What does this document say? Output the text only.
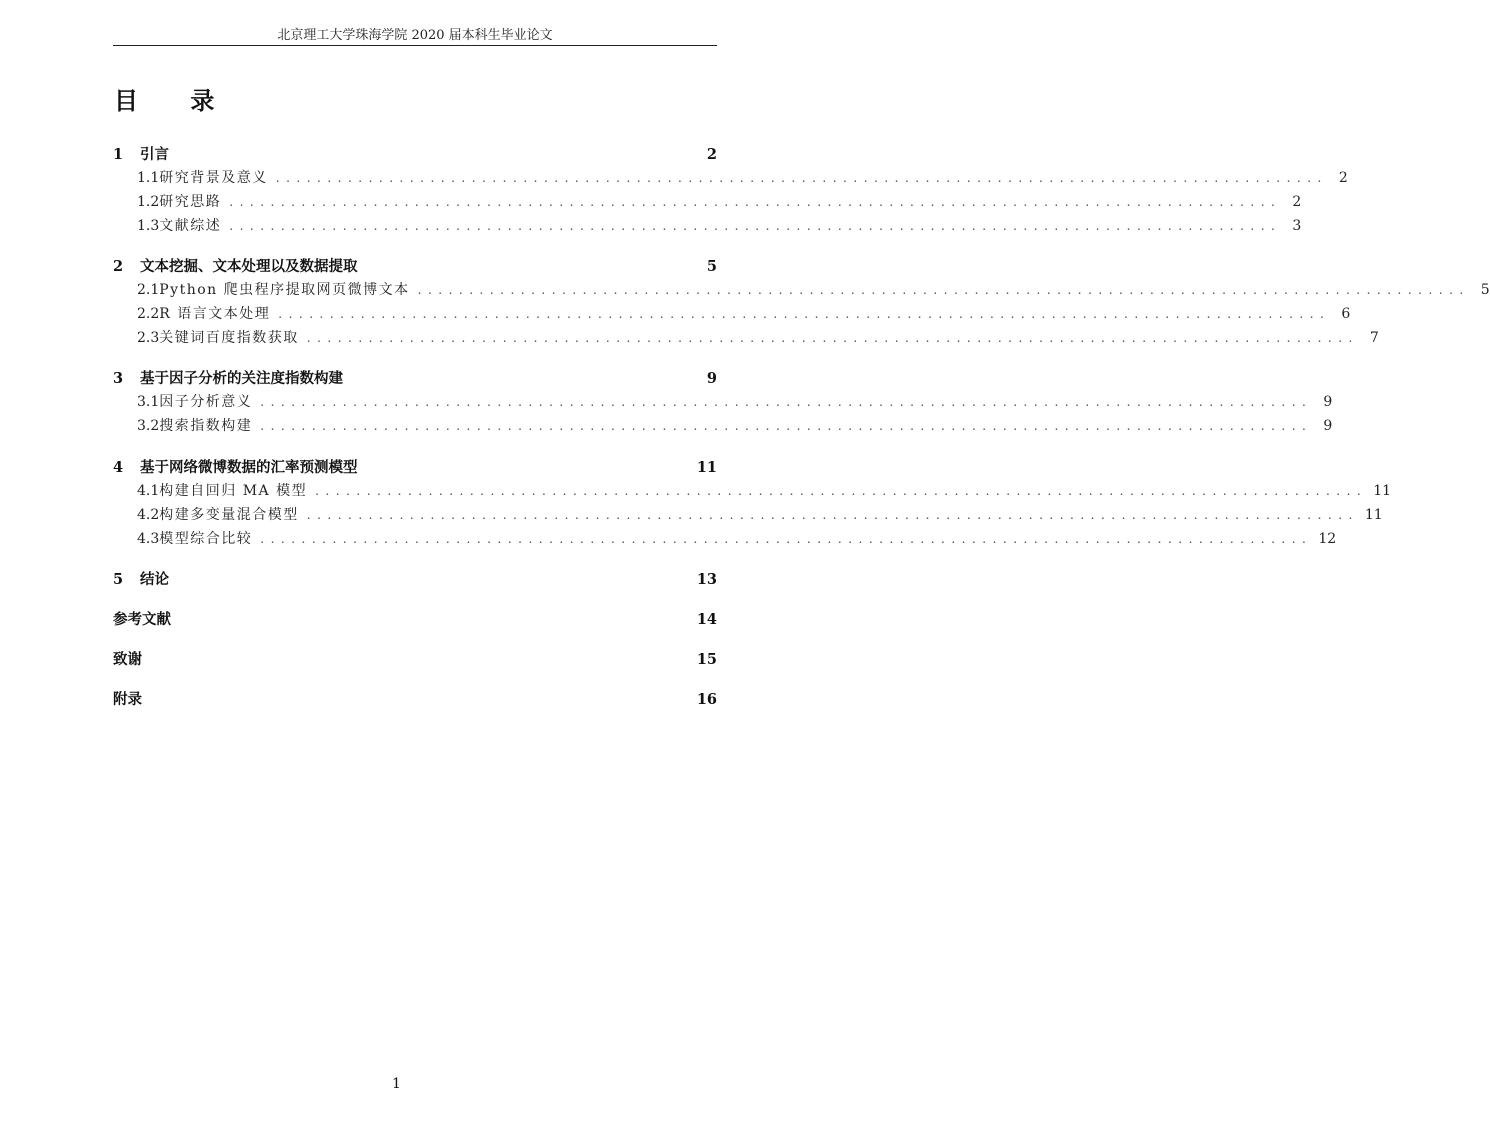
北京理工大学珠海学院 2020 届本科生毕业论文
目 录
1	引言	2
1.1 研究背景及意义 ...................................................................................................... 2
1.2 研究思路 ...................................................................................................... 2
1.3 文献综述 ...................................................................................................... 3
2	文本挖掘、文本处理以及数据提取	5
2.1 Python 爬虫程序提取网页微博文本 ...................................................................................................... 5
2.2 R 语言文本处理 ...................................................................................................... 6
2.3 关键词百度指数获取 ...................................................................................................... 7
3	基于因子分析的关注度指数构建	9
3.1 因子分析意义 ...................................................................................................... 9
3.2 搜索指数构建 ...................................................................................................... 9
4	基于网络微博数据的汇率预测模型	11
4.1 构建自回归 MA 模型 ...................................................................................................... 11
4.2 构建多变量混合模型 ...................................................................................................... 11
4.3 模型综合比较 ...................................................................................................... 12
5	结论	13
参考文献	14
致谢	15
附录	16
1
